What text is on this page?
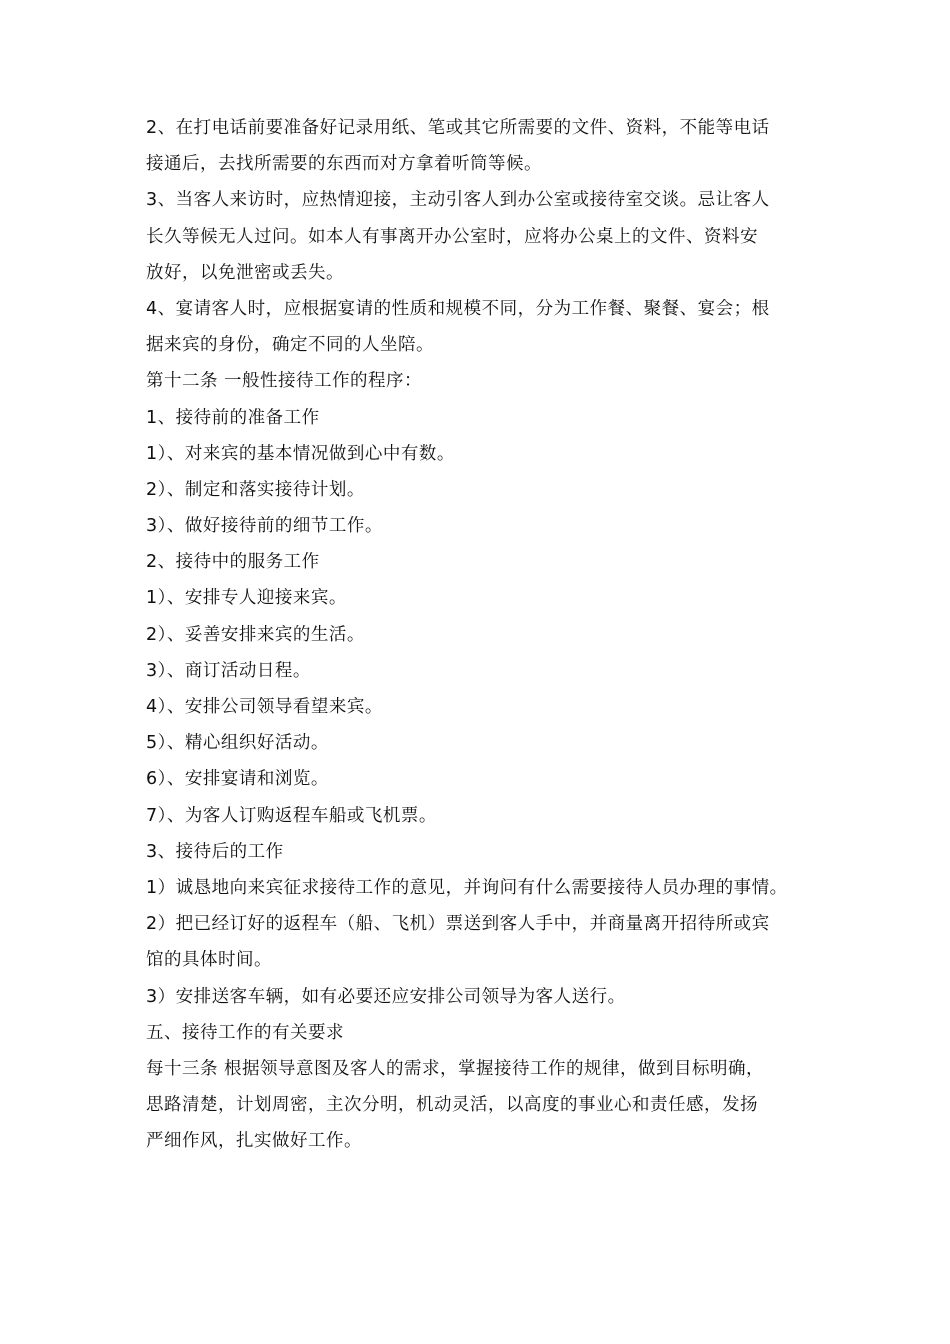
2、在打电话前要准备好记录用纸、笔或其它所需要的文件、资料，不能等电话
接通后，去找所需要的东西而对方拿着听筒等候。
3、当客人来访时，应热情迎接，主动引客人到办公室或接待室交谈。忌让客人
长久等候无人过问。如本人有事离开办公室时，应将办公桌上的文件、资料安
放好，以免泄密或丢失。
4、宴请客人时，应根据宴请的性质和规模不同，分为工作餐、聚餐、宴会；根
据来宾的身份，确定不同的人坐陪。
第十二条 一般性接待工作的程序：
1、接待前的准备工作
1）、对来宾的基本情况做到心中有数。
2）、制定和落实接待计划。
3）、做好接待前的细节工作。
2、接待中的服务工作
1）、安排专人迎接来宾。
2）、妥善安排来宾的生活。
3）、商订活动日程。
4）、安排公司领导看望来宾。
5）、精心组织好活动。
6）、安排宴请和浏览。
7）、为客人订购返程车船或飞机票。
3、接待后的工作
1）诚恳地向来宾征求接待工作的意见，并询问有什么需要接待人员办理的事情。
2）把已经订好的返程车（船、飞机）票送到客人手中，并商量离开招待所或宾
馆的具体时间。
3）安排送客车辆，如有必要还应安排公司领导为客人送行。
五、接待工作的有关要求
每十三条 根据领导意图及客人的需求，掌握接待工作的规律，做到目标明确，
思路清楚，计划周密，主次分明，机动灵活，以高度的事业心和责任感，发扬
严细作风，扎实做好工作。
